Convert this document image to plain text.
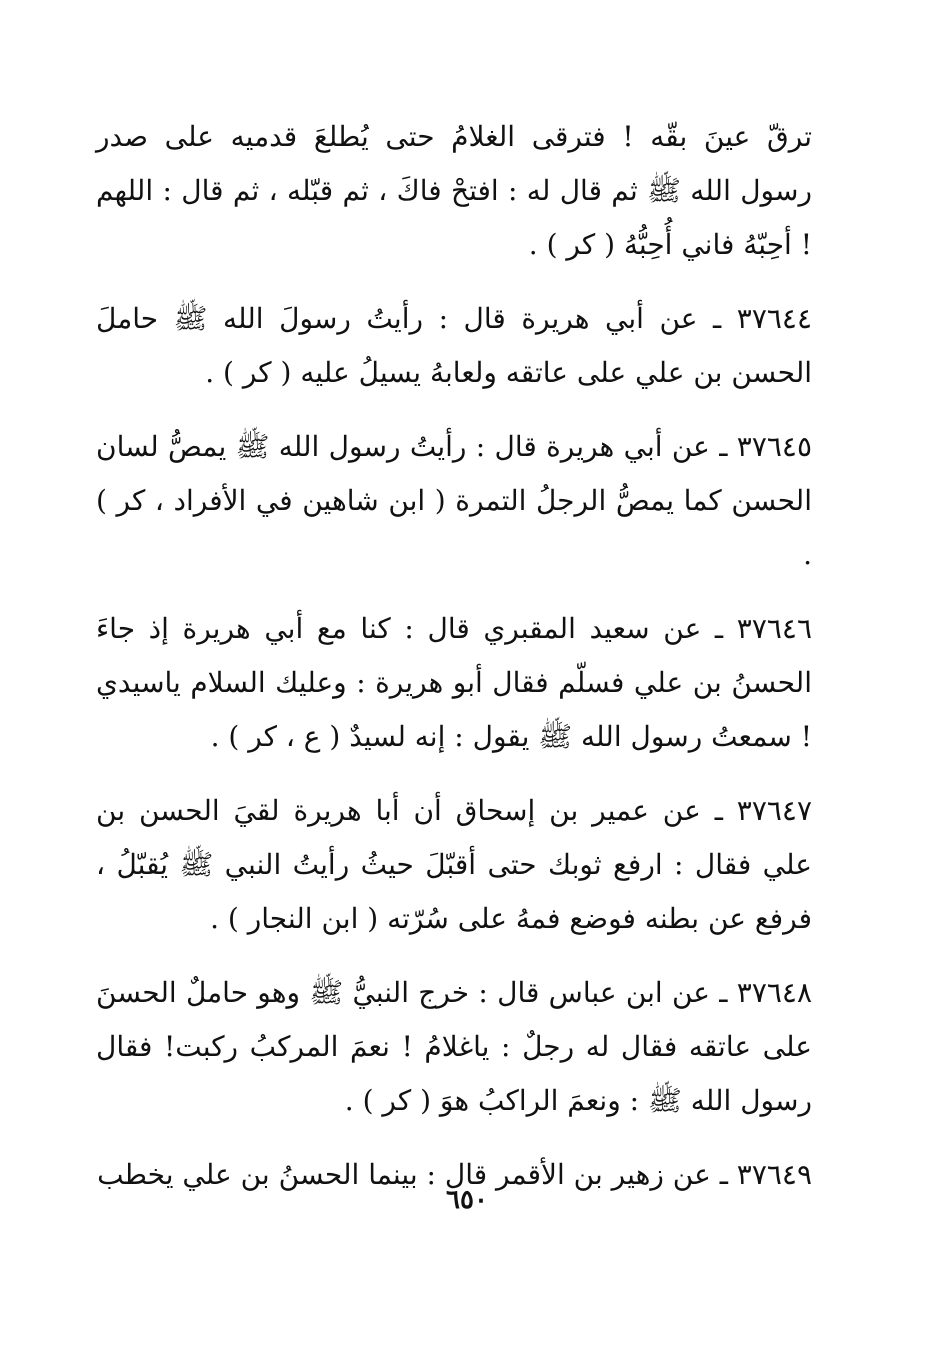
ترقّ عينَ بقّه ! فترقى الغلامُ حتى يُطلعَ قدميه على صدر رسول الله ﷺ ثم قال له : افتحْ فاكَ ، ثم قبّله ، ثم قال : اللهم ! أحِبّهُ فاني أُحِبُّهُ ( كر ) .

٣٧٦٤٤ ـ عن أبي هريرة قال : رأيتُ رسولَ الله ﷺ حاملَ الحسن بن علي على عاتقه ولعابهُ يسيلُ عليه ( كر ) .

٣٧٦٤٥ ـ عن أبي هريرة قال : رأيتُ رسول الله ﷺ يمصُّ لسان الحسن كما يمصُّ الرجلُ التمرة ( ابن شاهين في الأفراد ، كر ) .

٣٧٦٤٦ ـ عن سعيد المقبري قال : كنا مع أبي هريرة إذ جاءَ الحسنُ بن علي فسلّم فقال أبو هريرة : وعليك السلام ياسيدي ! سمعتُ رسول الله ﷺ يقول : إنه لسيدٌ ( ع ، كر ) .

٣٧٦٤٧ ـ عن عمير بن إسحاق أن أبا هريرة لقيَ الحسن بن علي فقال : ارفع ثوبك حتى أقبّلَ حيثُ رأيتُ النبي ﷺ يُقبّلُ ، فرفع عن بطنه فوضع فمهُ على سُرّته ( ابن النجار ) .

٣٧٦٤٨ ـ عن ابن عباس قال : خرج النبيُّ ﷺ وهو حاملٌ الحسنَ على عاتقه فقال له رجلٌ : ياغلامُ ! نعمَ المركبُ ركبت! فقال رسول الله ﷺ : ونعمَ الراكبُ هوَ ( كر ) .

٣٧٦٤٩ ـ عن زهير بن الأقمر قال : بينما الحسنُ بن علي يخطب

٦٥٠
